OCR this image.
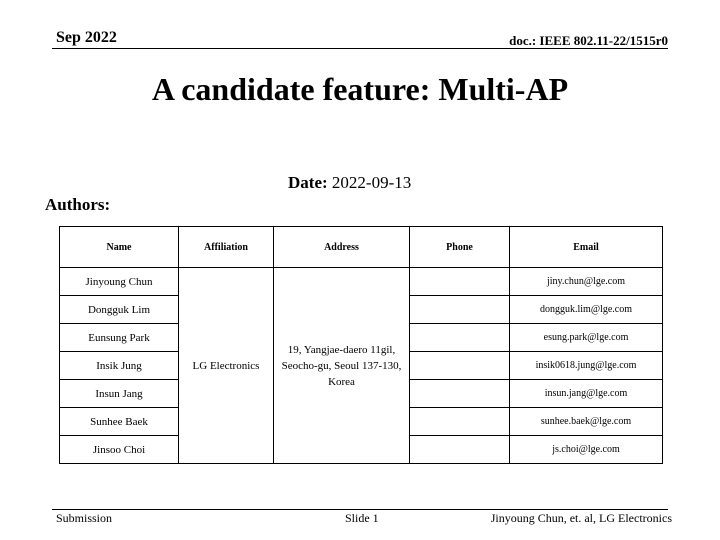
Sep 2022	doc.: IEEE 802.11-22/1515r0
A candidate feature: Multi-AP
Date: 2022-09-13
Authors:
Name	Affiliation	Address	Phone	Email
Jinyoung Chun	LG Electronics	19, Yangjae-daero 11gil, Seocho-gu, Seoul 137-130, Korea		jiny.chun@lge.com
Dongguk Lim				dongguk.lim@lge.com
Eunsung Park				esung.park@lge.com
Insik Jung				insik0618.jung@lge.com
Insun Jang				insun.jang@lge.com
Sunhee Baek				sunhee.baek@lge.com
Jinsoo Choi				js.choi@lge.com
Submission	Slide 1	Jinyoung Chun, et. al, LG Electronics
